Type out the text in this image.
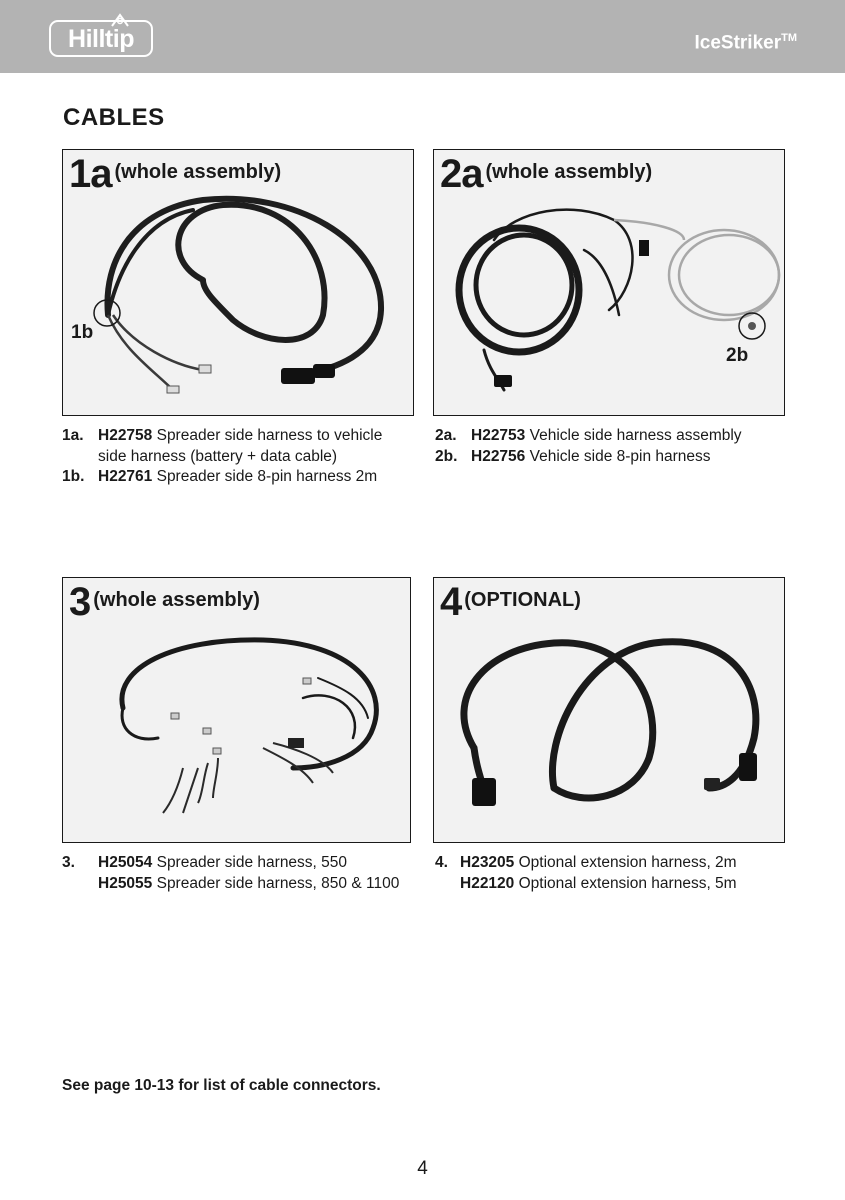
Hilltip	IceStriker™
CABLES
1a (whole assembly)
1b
2a (whole assembly)
2b
3 (whole assembly)	4 (OPTIONAL)
1a. H22758 Spreader side harness to vehicle
side harness (battery + data cable)
1b. H22761 Spreader side 8-pin harness 2m
2a. H22753 Vehicle side harness assembly
2b. H22756 Vehicle side 8-pin harness
3.	H25054 Spreader side harness, 550
H25055 Spreader side harness, 850 & 1100
4. H23205 Optional extension harness, 2m
H22120 Optional extension harness, 5m
See page 10-13 for list of cable connectors.
4
